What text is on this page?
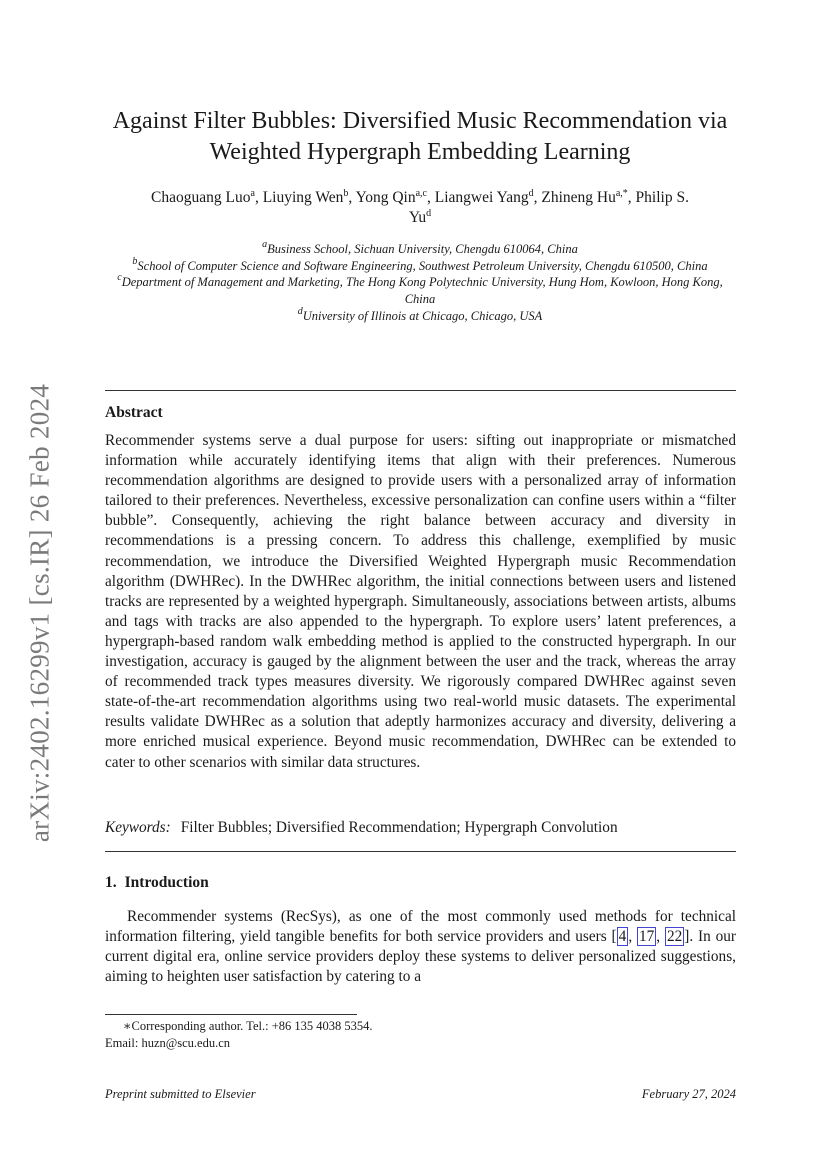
arXiv:2402.16299v1 [cs.IR] 26 Feb 2024
Against Filter Bubbles: Diversified Music Recommendation via
Weighted Hypergraph Embedding Learning
Chaoguang Luo$^a$, Liuying Wen$^b$, Yong Qin$^{a,c}$, Liangwei Yang$^d$, Zhineng $Hu^{a,*}$, Philip S.
Yu$^d$
$^a$Business School, Sichuan University, Chengdu 610064, China
$^b$School of Computer Science and Software Engineering, Southwest Petroleum University, Chengdu 610500, China
$^c$Department of Management and Marketing, The Hong Kong Polytechnic University, Hung Hom, Kowloon, Hong Kong, China
$^d$University of Illinois at Chicago, Chicago, USA
Abstract
Recommender systems serve a dual purpose for users: sifting out inappropriate or mismatched information while accurately identifying items that align with their preferences. Numerous recommendation algorithms are designed to provide users with a personalized array of information tailored to their preferences. Nevertheless, excessive personalization can confine users within a “filter bubble”. Consequently, achieving the right balance between accuracy and diversity in recommendations is a pressing concern. To address this challenge, exemplified by music recommendation, we introduce the Diversified Weighted Hypergraph music Recommendation algorithm (DWHRec). In the DWHRec algorithm, the initial connections between users and listened tracks are represented by a weighted hypergraph. Simultaneously, associations between artists, albums and tags with tracks are also appended to the hypergraph. To explore users’ latent preferences, a hypergraph-based random walk embedding method is applied to the constructed hypergraph. In our investigation, accuracy is gauged by the alignment between the user and the track, whereas the array of recommended track types measures diversity. We rigorously compared DWHRec against seven state-of-the-art recommendation algorithms using two real-world music datasets. The experimental results validate DWHRec as a solution that adeptly harmonizes accuracy and diversity, delivering a more enriched musical experience. Beyond music recommendation, DWHRec can be extended to cater to other scenarios with similar data structures.
Keywords: Filter Bubbles; Diversified Recommendation; Hypergraph Convolution
1. Introduction
Recommender systems (RecSys), as one of the most commonly used methods for technical information filtering, yield tangible benefits for both service providers and users [ 4 , 17 , 22 ]. In our current digital era, online service providers deploy these systems to deliver personalized suggestions, aiming to heighten user satisfaction by catering to a
∗Corresponding author. Tel.: +86 135 4038 5354.
Email: huzn@scu.edu.cn
Preprint submitted to Elsevier	February 27, 2024
